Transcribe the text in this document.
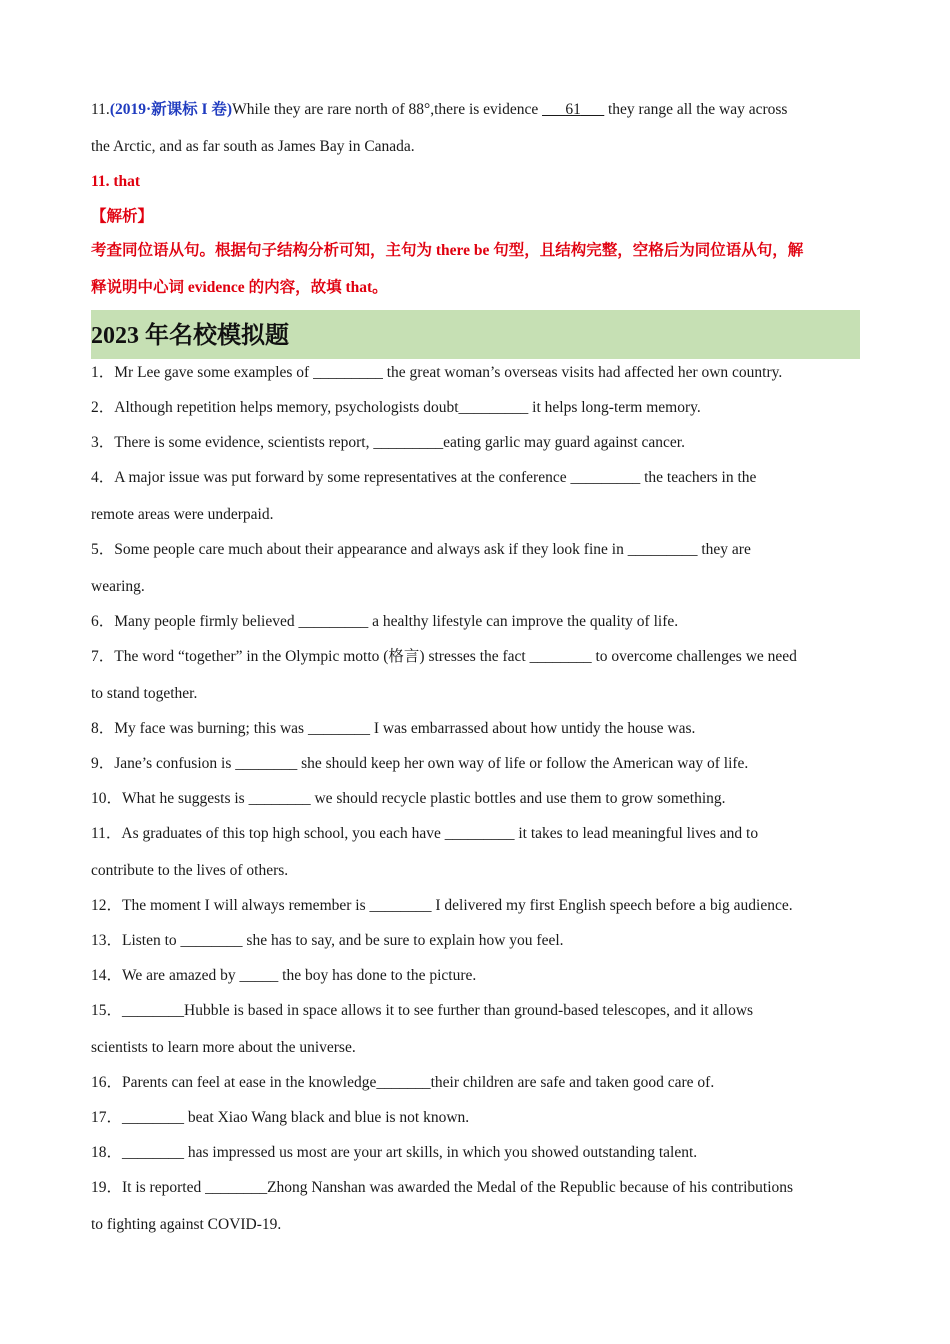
11.(2019·新课标 I 卷)While they are rare north of 88°,there is evidence ___61___ they range all the way across
the Arctic, and as far south as James Bay in Canada.
11. that
【解析】
考查同位语从句。根据句子结构分析可知，主句为 there be 句型，且结构完整，空格后为同位语从句，解
释说明中心词 evidence 的内容，故填 that。
2023 年名校模拟题
1．Mr Lee gave some examples of _________ the great woman’s overseas visits had affected her own country.
2．Although repetition helps memory, psychologists doubt_________ it helps long-term memory.
3．There is some evidence, scientists report, _________eating garlic may guard against cancer.
4．A major issue was put forward by some representatives at the conference _________ the teachers in the
remote areas were underpaid.
5．Some people care much about their appearance and always ask if they look fine in _________ they are
wearing.
6．Many people firmly believed _________ a healthy lifestyle can improve the quality of life.
7．The word “together” in the Olympic motto (格言) stresses the fact ________ to overcome challenges we need
to stand together.
8．My face was burning; this was ________ I was embarrassed about how untidy the house was.
9．Jane’s confusion is ________ she should keep her own way of life or follow the American way of life.
10．What he suggests is ________ we should recycle plastic bottles and use them to grow something.
11．As graduates of this top high school, you each have _________ it takes to lead meaningful lives and to
contribute to the lives of others.
12．The moment I will always remember is ________ I delivered my first English speech before a big audience.
13．Listen to ________ she has to say, and be sure to explain how you feel.
14．We are amazed by _____ the boy has done to the picture.
15．________Hubble is based in space allows it to see further than ground-based telescopes, and it allows
scientists to learn more about the universe.
16．Parents can feel at ease in the knowledge_______their children are safe and taken good care of.
17．________ beat Xiao Wang black and blue is not known.
18．________ has impressed us most are your art skills, in which you showed outstanding talent.
19．It is reported ________Zhong Nanshan was awarded the Medal of the Republic because of his contributions
to fighting against COVID-19.
